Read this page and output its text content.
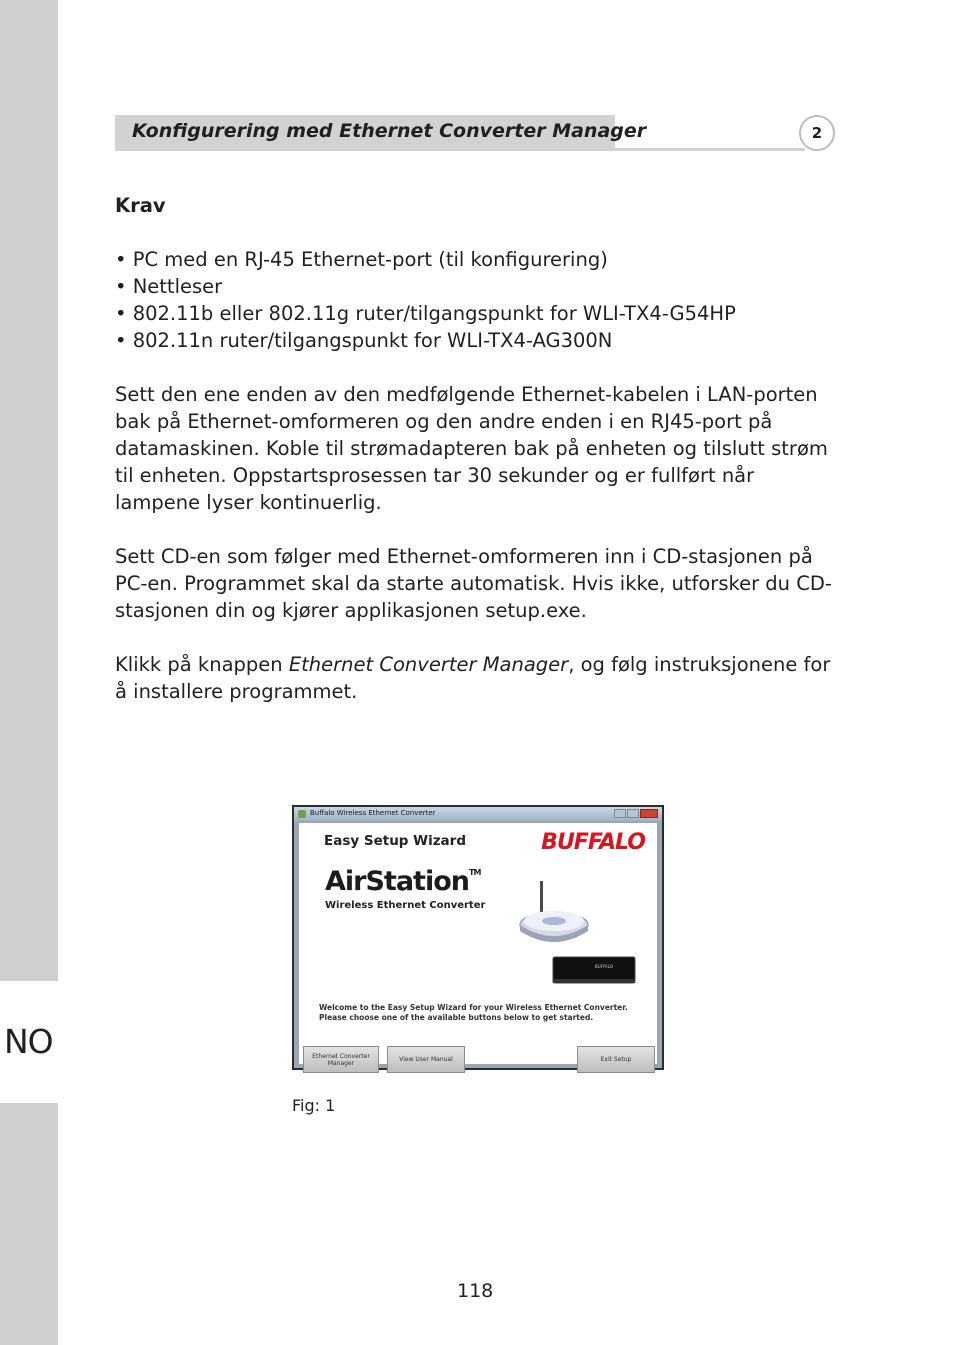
NO
Konfigurering med Ethernet Converter Manager	2

Krav

• PC med en RJ-45 Ethernet-port (til konfigurering)
• Nettleser
• 802.11b eller 802.11g ruter/tilgangspunkt for WLI-TX4-G54HP
• 802.11n ruter/tilgangspunkt for WLI-TX4-AG300N

Sett den ene enden av den medfølgende Ethernet-kabelen i LAN-porten bak på Ethernet-omformeren og den andre enden i en RJ45-port på datamaskinen. Koble til strømadapteren bak på enheten og tilslutt strøm til enheten. Oppstartsprosessen tar 30 sekunder og er fullført når lampene lyser kontinuerlig.

Sett CD-en som følger med Ethernet-omformeren inn i CD-stasjonen på PC-en. Programmet skal da starte automatisk. Hvis ikke, utforsker du CD-stasjonen din og kjører applikasjonen setup.exe.

Klikk på knappen Ethernet Converter Manager, og følg instruksjonene for å installere programmet.

Buffalo Wireless Ethernet Converter
Easy Setup Wizard	BUFFALO
AirStation™
Wireless Ethernet Converter
BUFFALO
Welcome to the Easy Setup Wizard for your Wireless Ethernet Converter.
Please choose one of the available buttons below to get started.
Ethernet Converter
Manager	View User Manual	Exit Setup
Fig: 1
118
